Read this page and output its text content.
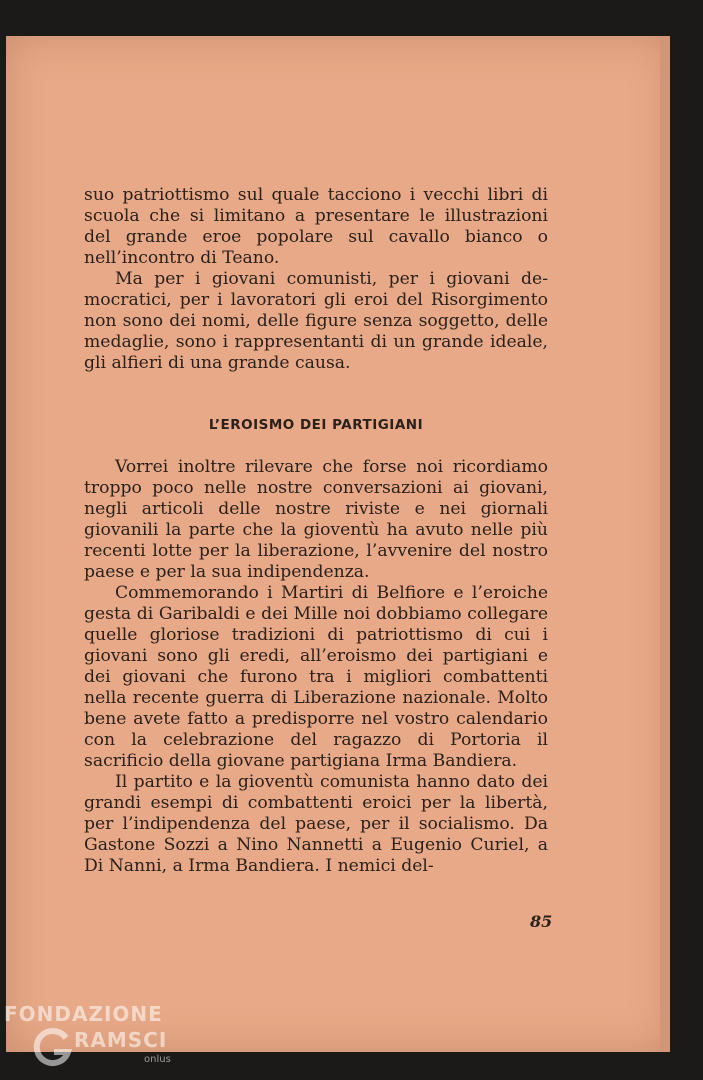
suo patriottismo sul quale tacciono i vecchi libri di scuola che si limitano a presentare le illustrazioni del grande eroe popolare sul cavallo bianco o nell’incontro di Teano.

Ma per i giovani comunisti, per i giovani democratici, per i lavoratori gli eroi del Risorgimento non sono dei nomi, delle figure senza soggetto, delle medaglie, sono i rappresentanti di un grande ideale, gli alfieri di una grande causa.

L’EROISMO DEI PARTIGIANI

Vorrei inoltre rilevare che forse noi ricordiamo troppo poco nelle nostre conversazioni ai giovani, negli articoli delle nostre riviste e nei giornali giovanili la parte che la gioventù ha avuto nelle più recenti lotte per la liberazione, l’avvenire del nostro paese e per la sua indipendenza.

Commemorando i Martiri di Belfiore e l’eroiche gesta di Garibaldi e dei Mille noi dobbiamo collegare quelle gloriose tradizioni di patriottismo di cui i giovani sono gli eredi, all’eroismo dei partigiani e dei giovani che furono tra i migliori combattenti nella recente guerra di Liberazione nazionale. Molto bene avete fatto a predisporre nel vostro calendario con la celebrazione del ragazzo di Portoria il sacrificio della giovane partigiana Irma Bandiera.

Il partito e la gioventù comunista hanno dato dei grandi esempi di combattenti eroici per la libertà, per l’indipendenza del paese, per il socialismo. Da Gastone Sozzi a Nino Nannetti a Eugenio Curiel, a Di Nanni, a Irma Bandiera. I nemici del-

85
FONDAZIONE
RAMSCI
onlus
